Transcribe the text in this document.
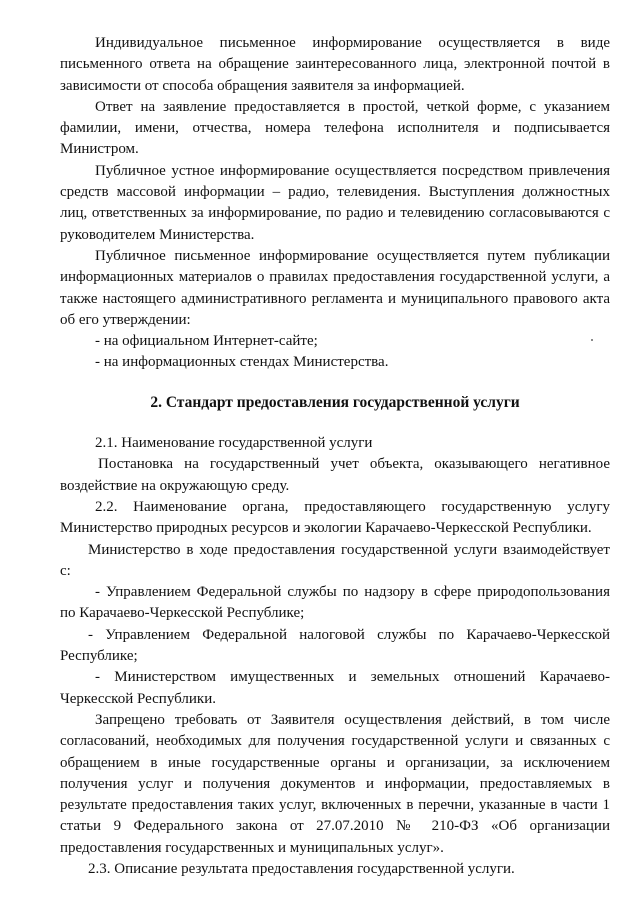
Индивидуальное письменное информирование осуществляется в виде письменного ответа на обращение заинтересованного лица, электронной почтой в зависимости от способа обращения заявителя за информацией.

Ответ на заявление предоставляется в простой, четкой форме, с указанием фамилии, имени, отчества, номера телефона исполнителя и подписывается Министром.

Публичное устное информирование осуществляется посредством привлечения средств массовой информации – радио, телевидения. Выступления должностных лиц, ответственных за информирование, по радио и телевидению согласовываются с руководителем Министерства.

Публичное письменное информирование осуществляется путем публикации информационных материалов о правилах предоставления государственной услуги, а также настоящего административного регламента и муниципального правового акта об его утверждении:

- на официальном Интернет-сайте;

- на информационных стендах Министерства.

2. Стандарт предоставления государственной услуги

2.1. Наименование государственной услуги

Постановка на государственный учет объекта, оказывающего негативное воздействие на окружающую среду.

2.2. Наименование органа, предоставляющего государственную услугу Министерство природных ресурсов и экологии Карачаево-Черкесской Республики.

Министерство в ходе предоставления государственной услуги взаимодействует с:

- Управлением Федеральной службы по надзору в сфере природопользования по Карачаево-Черкесской Республике;

- Управлением Федеральной налоговой службы по Карачаево-Черкесской Республике;

- Министерством имущественных и земельных отношений Карачаево-Черкесской Республики.

Запрещено требовать от Заявителя осуществления действий, в том числе согласований, необходимых для получения государственной услуги и связанных с обращением в иные государственные органы и организации, за исключением получения услуг и получения документов и информации, предоставляемых в результате предоставления таких услуг, включенных в перечни, указанные в части 1 статьи 9 Федерального закона от 27.07.2010 № 210-ФЗ «Об организации предоставления государственных и муниципальных услуг».

2.3. Описание результата предоставления государственной услуги.
